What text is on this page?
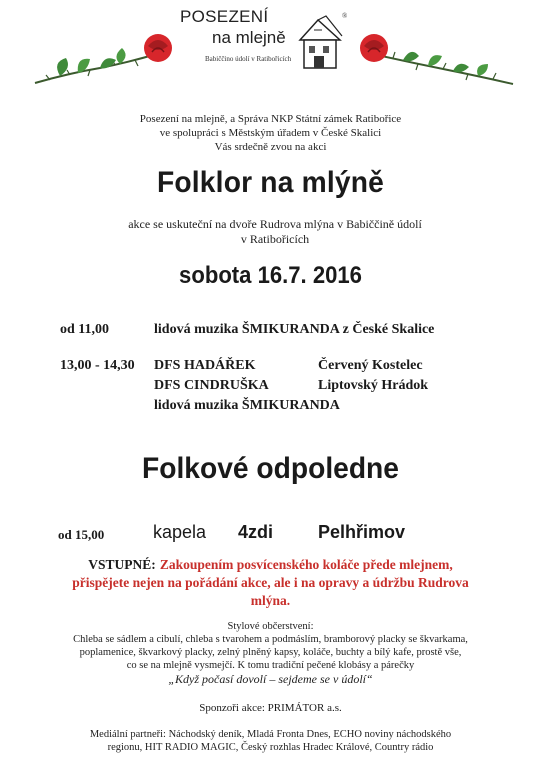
POSEZENÍ
na mlejně
Babiččino údolí v Ratibořicích
®
Posezení na mlejně, a Správa NKP Státní zámek Ratibořice
ve spolupráci s Městským úřadem v České Skalici
Vás srdečně zvou na akci
Folklor na mlýně
akce se uskuteční na dvoře Rudrova mlýna v Babiččině údolí
v Ratibořicích
sobota 16.7. 2016
od 11,00	lidová muzika ŠMIKURANDA z České Skalice
13,00 - 14,30 DFS HADÁŘEK	Červený Kostelec
DFS CINDRUŠKA	Liptovský Hrádok
lidová muzika ŠMIKURANDA
Folkové odpoledne
od 15,00	kapela 4zdi Pelhřimov
VSTUPNÉ: Zakoupením posvícenského koláče přede mlejnem,
přispějete nejen na pořádání akce, ale i na opravy a údržbu Rudrova
mlýna.
Stylové občerstvení:
Chleba se sádlem a cibulí, chleba s tvarohem a podmáslím, bramborový placky se škvarkama,
poplamenice, škvarkový placky, zelný plněný kapsy, koláče, buchty a bílý kafe, prostě vše,
co se na mlejně vysmejčí. K tomu tradiční pečené klobásy a párečky
„Když počasí dovolí – sejdeme se v údolí“
Sponzoři akce: PRIMÁTOR a.s.
Mediální partneři: Náchodský deník, Mladá Fronta Dnes, ECHO noviny náchodského
regionu, HIT RADIO MAGIC, Český rozhlas Hradec Králové, Country rádio
